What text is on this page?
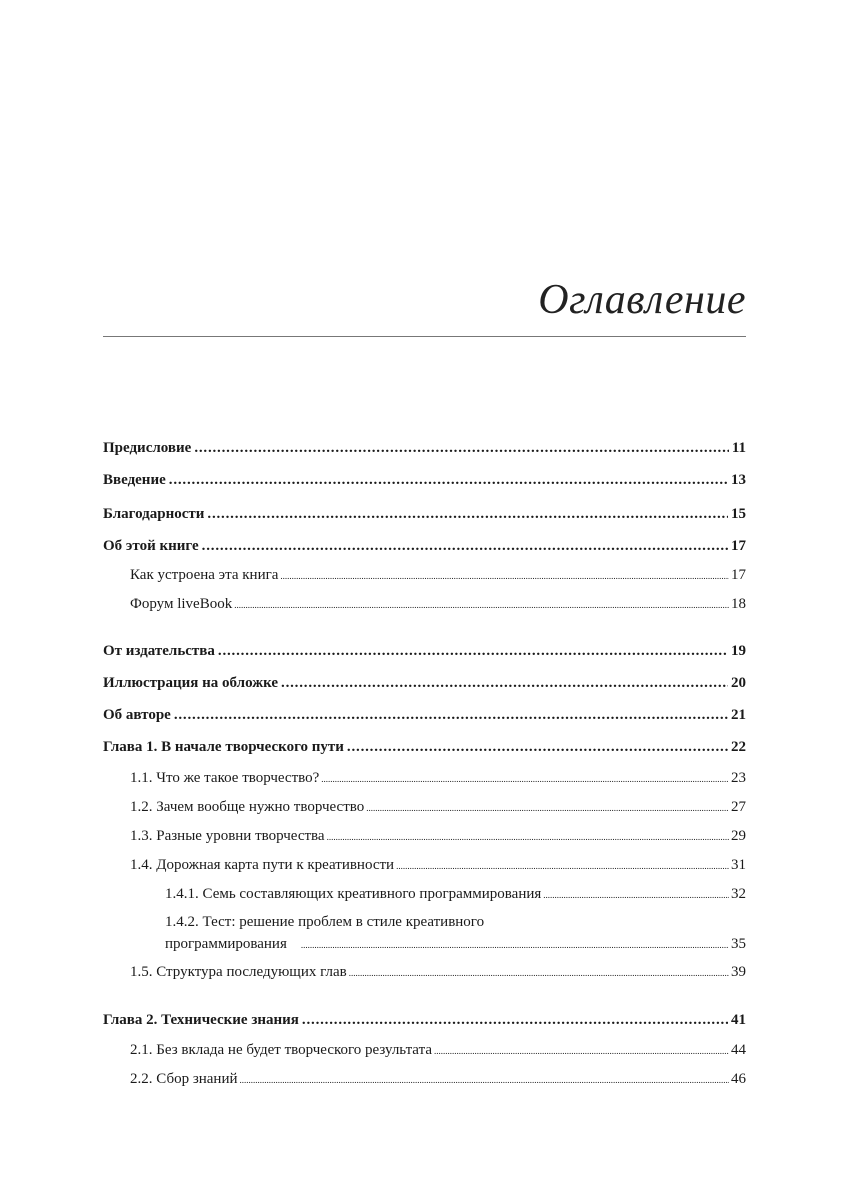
Оглавление
Предисловие .....	11
Введение .....	13
Благодарности .....	15
Об этой книге .....	17
Как устроена эта книга .....	17
Форум liveBook .....	18
От издательства .....	19
Иллюстрация на обложке .....	20
Об авторе .....	21
Глава 1. В начале творческого пути .....	22
1.1. Что же такое творчество? .....	23
1.2. Зачем вообще нужно творчество .....	27
1.3. Разные уровни творчества .....	29
1.4. Дорожная карта пути к креативности .....	31
1.4.1. Семь составляющих креативного программирования .....	32
1.4.2. Тест: решение проблем в стиле креативного
программирования .....	35
1.5. Структура последующих глав .....	39
Глава 2. Технические знания .....	41
2.1. Без вклада не будет творческого результата .....	44
2.2. Сбор знаний .....	46
